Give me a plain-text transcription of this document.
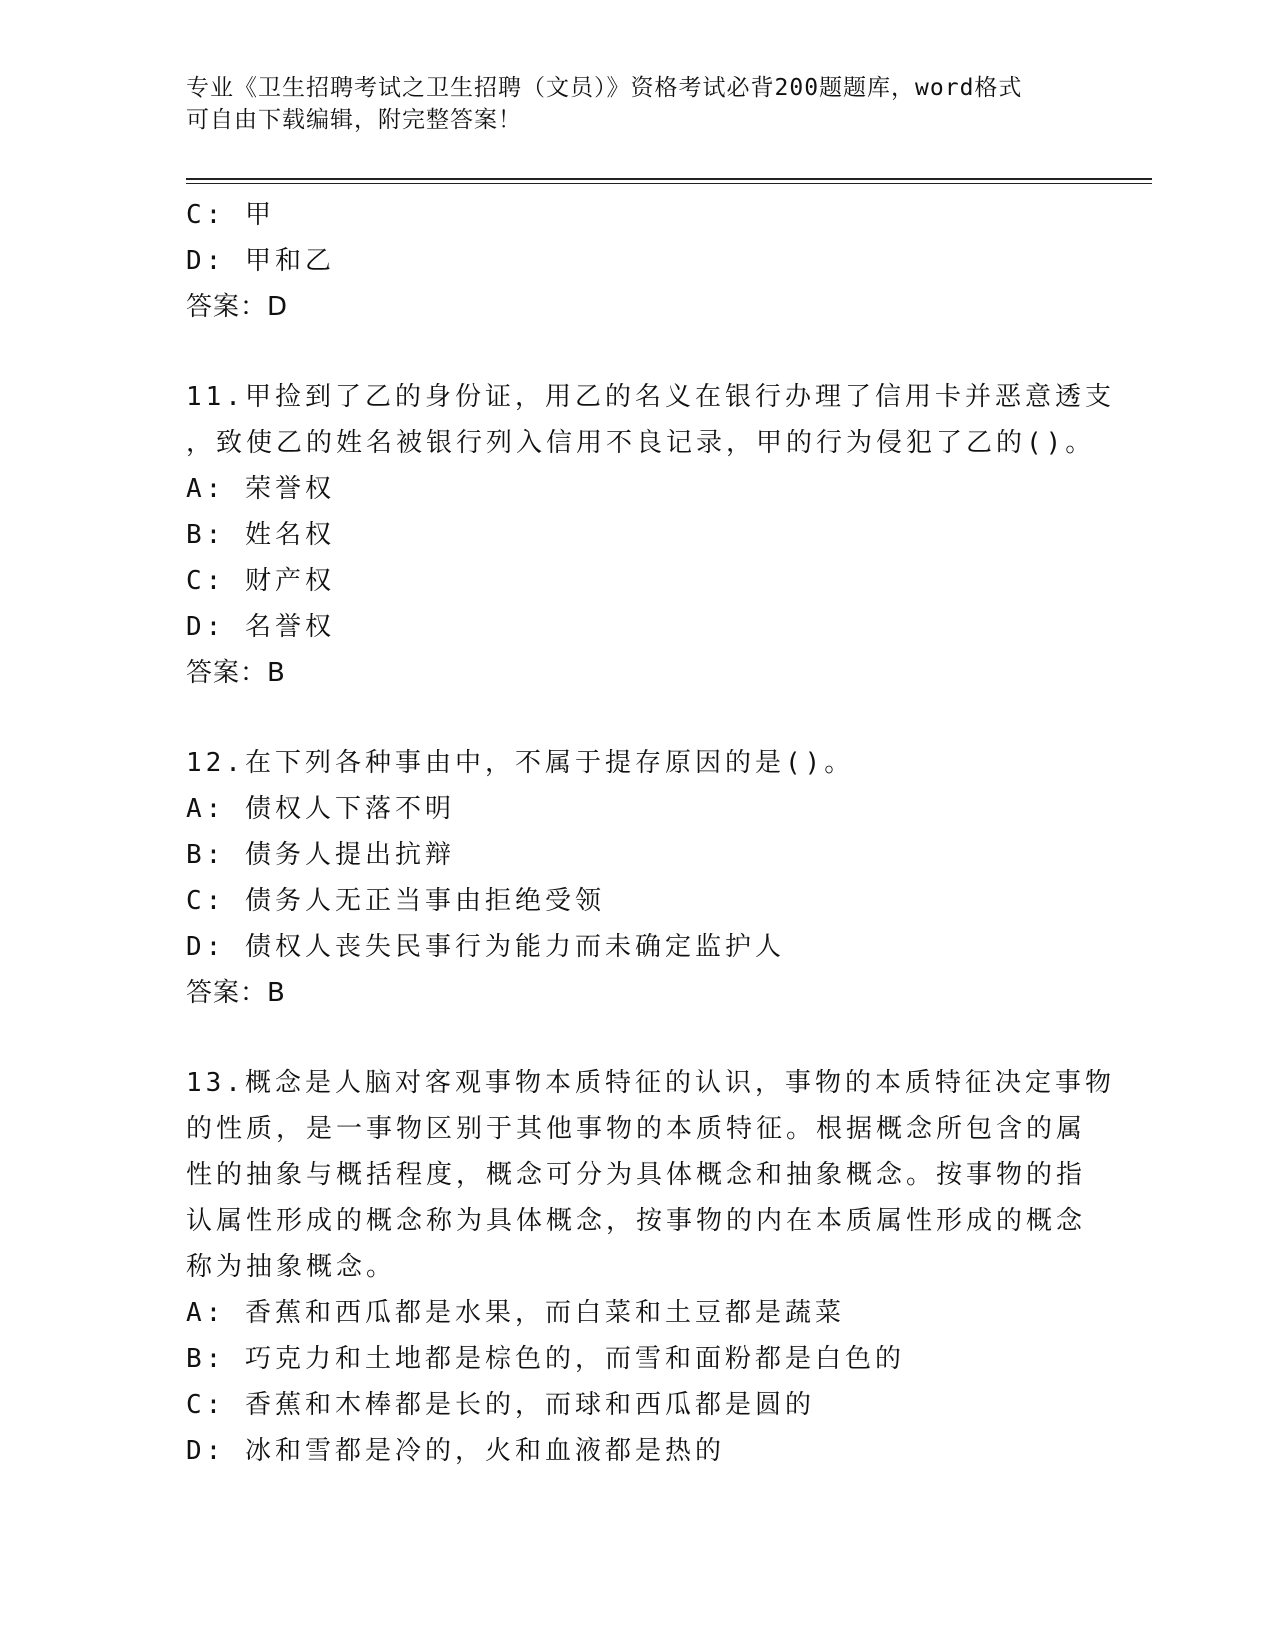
专业《卫生招聘考试之卫生招聘（文员）》资格考试必背200题题库，word格式
可自由下载编辑，附完整答案！
C: 甲
D: 甲和乙
答案：D
11.甲捡到了乙的身份证，用乙的名义在银行办理了信用卡并恶意透支
，致使乙的姓名被银行列入信用不良记录，甲的行为侵犯了乙的()。
A: 荣誉权
B: 姓名权
C: 财产权
D: 名誉权
答案：B
12.在下列各种事由中，不属于提存原因的是()。
A: 债权人下落不明
B: 债务人提出抗辩
C: 债务人无正当事由拒绝受领
D: 债权人丧失民事行为能力而未确定监护人
答案：B
13.概念是人脑对客观事物本质特征的认识，事物的本质特征决定事物
的性质，是一事物区别于其他事物的本质特征。根据概念所包含的属
性的抽象与概括程度，概念可分为具体概念和抽象概念。按事物的指
认属性形成的概念称为具体概念，按事物的内在本质属性形成的概念
称为抽象概念。
A: 香蕉和西瓜都是水果，而白菜和土豆都是蔬菜
B: 巧克力和土地都是棕色的，而雪和面粉都是白色的
C: 香蕉和木棒都是长的，而球和西瓜都是圆的
D: 冰和雪都是冷的，火和血液都是热的
